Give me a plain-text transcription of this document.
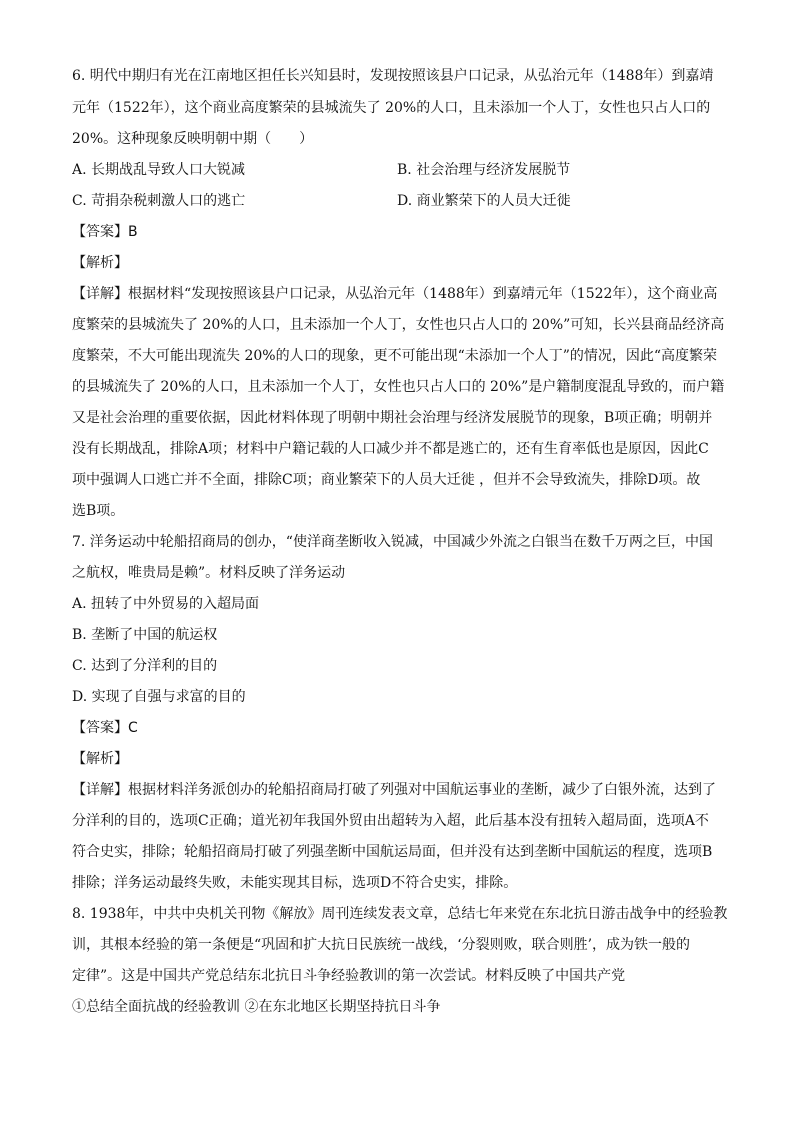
6. 明代中期归有光在江南地区担任长兴知县时，发现按照该县户口记录，从弘治元年（1488年）到嘉靖
元年（1522年），这个商业高度繁荣的县城流失了 20%的人口，且未添加一个人丁，女性也只占人口的
20%。这种现象反映明朝中期（　　）
A. 长期战乱导致人口大锐减	B. 社会治理与经济发展脱节
C. 苛捐杂税刺激人口的逃亡	D. 商业繁荣下的人员大迁徙
【答案】B
【解析】
【详解】根据材料“发现按照该县户口记录，从弘治元年（1488年）到嘉靖元年（1522年），这个商业高
度繁荣的县城流失了 20%的人口，且未添加一个人丁，女性也只占人口的 20%”可知，长兴县商品经济高
度繁荣，不大可能出现流失 20%的人口的现象，更不可能出现“未添加一个人丁”的情况，因此“高度繁荣
的县城流失了 20%的人口，且未添加一个人丁，女性也只占人口的 20%”是户籍制度混乱导致的，而户籍
又是社会治理的重要依据，因此材料体现了明朝中期社会治理与经济发展脱节的现象，B项正确；明朝并
没有长期战乱，排除A项；材料中户籍记载的人口减少并不都是逃亡的，还有生育率低也是原因，因此C
项中强调人口逃亡并不全面，排除C项；商业繁荣下的人员大迁徙 ，但并不会导致流失，排除D项。故
选B项。
7. 洋务运动中轮船招商局的创办，“使洋商垄断收入锐减，中国减少外流之白银当在数千万两之巨，中国
之航权，唯贵局是赖”。材料反映了洋务运动
A. 扭转了中外贸易的入超局面
B. 垄断了中国的航运权
C. 达到了分洋利的目的
D. 实现了自强与求富的目的
【答案】C
【解析】
【详解】根据材料洋务派创办的轮船招商局打破了列强对中国航运事业的垄断，减少了白银外流，达到了
分洋利的目的，选项C正确；道光初年我国外贸由出超转为入超，此后基本没有扭转入超局面，选项A不
符合史实，排除；轮船招商局打破了列强垄断中国航运局面，但并没有达到垄断中国航运的程度，选项B
排除；洋务运动最终失败，未能实现其目标，选项D不符合史实，排除。
8. 1938年，中共中央机关刊物《解放》周刊连续发表文章，总结七年来党在东北抗日游击战争中的经验教
训，其根本经验的第一条便是“巩固和扩大抗日民族统一战线，‘分裂则败，联合则胜’，成为铁一般的
定律”。这是中国共产党总结东北抗日斗争经验教训的第一次尝试。材料反映了中国共产党
①总结全面抗战的经验教训 ②在东北地区长期坚持抗日斗争
